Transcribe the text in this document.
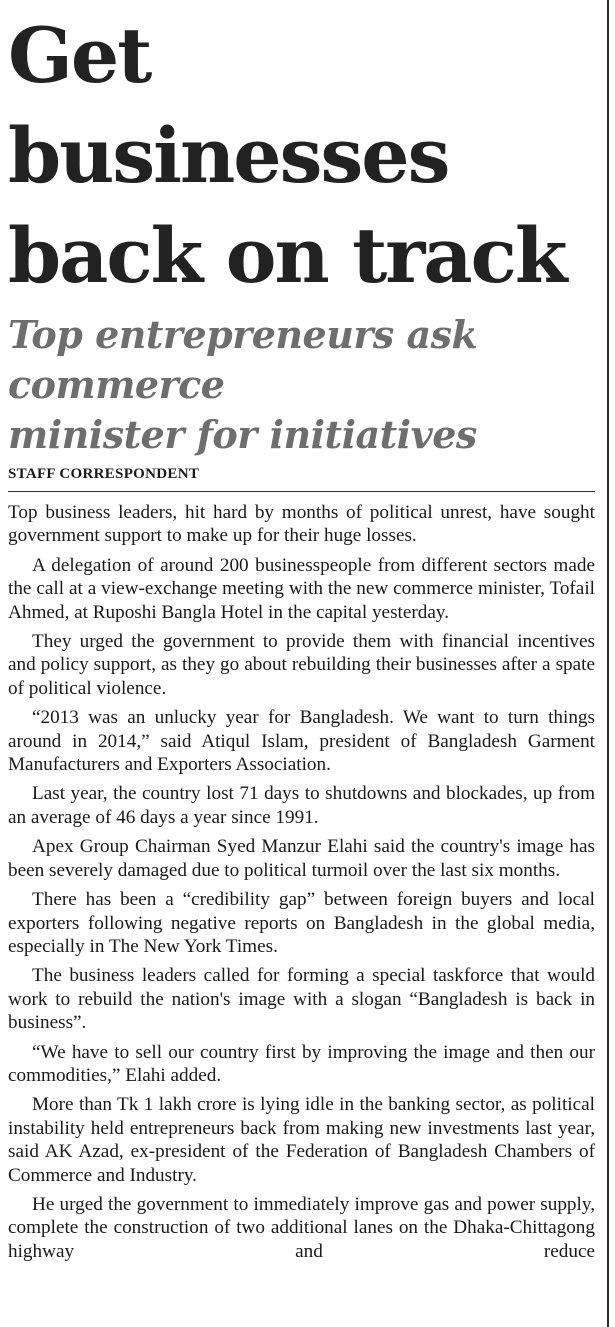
Get businesses
back on track
Top entrepreneurs ask commerce
minister for initiatives
STAFF CORRESPONDENT

Top business leaders, hit hard by months of political unrest, have sought government support to make up for their huge losses.

A delegation of around 200 businesspeople from different sectors made the call at a view-exchange meeting with the new commerce minister, Tofail Ahmed, at Ruposhi Bangla Hotel in the capital yesterday.

They urged the government to provide them with financial incentives and policy support, as they go about rebuilding their businesses after a spate of political violence.

“2013 was an unlucky year for Bangladesh. We want to turn things around in 2014,” said Atiqul Islam, president of Bangladesh Garment Manufacturers and Exporters Association.

Last year, the country lost 71 days to shutdowns and blockades, up from an average of 46 days a year since 1991.

Apex Group Chairman Syed Manzur Elahi said the country's image has been severely damaged due to political turmoil over the last six months.

There has been a “credibility gap” between foreign buyers and local exporters following negative reports on Bangladesh in the global media, especially in The New York Times.

The business leaders called for forming a special taskforce that would work to rebuild the nation's image with a slogan “Bangladesh is back in business”.

“We have to sell our country first by improving the image and then our commodities,” Elahi added.

More than Tk 1 lakh crore is lying idle in the banking sector, as political instability held entrepreneurs back from making new investments last year, said AK Azad, ex-president of the Federation of Bangladesh Chambers of Commerce and Industry.

He urged the government to immediately improve gas and power supply, complete the construction of two additional lanes on the Dhaka-Chittagong highway and reduce
